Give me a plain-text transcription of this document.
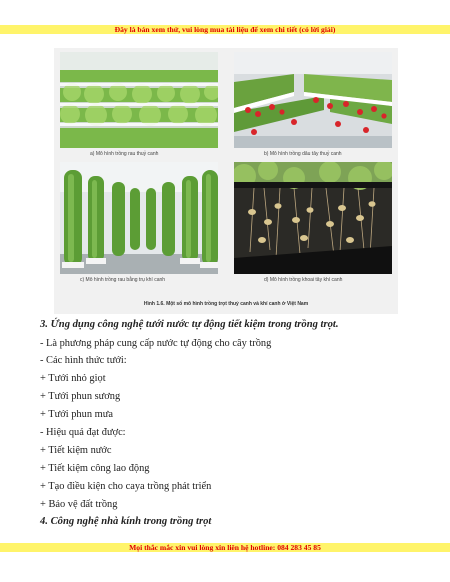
Đây là bản xem thử, vui lòng mua tài liệu để xem chi tiết (có lời giải)
a) Mô hình trồng rau thuỷ canh	b) Mô hình trồng dâu tây thuỷ canh
c) Mô hình trồng rau bằng trụ khí canh	d) Mô hình trồng khoai tây khí canh
Hình 1.6. Một số mô hình trồng trọt thuỷ canh và khí canh ở Việt Nam
3. Ứng dụng công nghệ tưới nước tự động tiết kiệm trong trồng trọt.
- Là phương pháp cung cấp nước tự động cho cây trồng
- Các hình thức tưới:
+ Tưới nhỏ giọt
+ Tưới phun sương
+ Tưới phun mưa
- Hiệu quả đạt được:
+ Tiết kiệm nước
+ Tiết kiệm công lao động
+ Tạo điều kiện cho caya trồng phát triển
+ Bảo vệ đất trồng
4. Công nghệ nhà kính trong trồng trọt
Mọi thắc mắc xin vui lòng xin liên hệ hotline: 084 283 45 85
